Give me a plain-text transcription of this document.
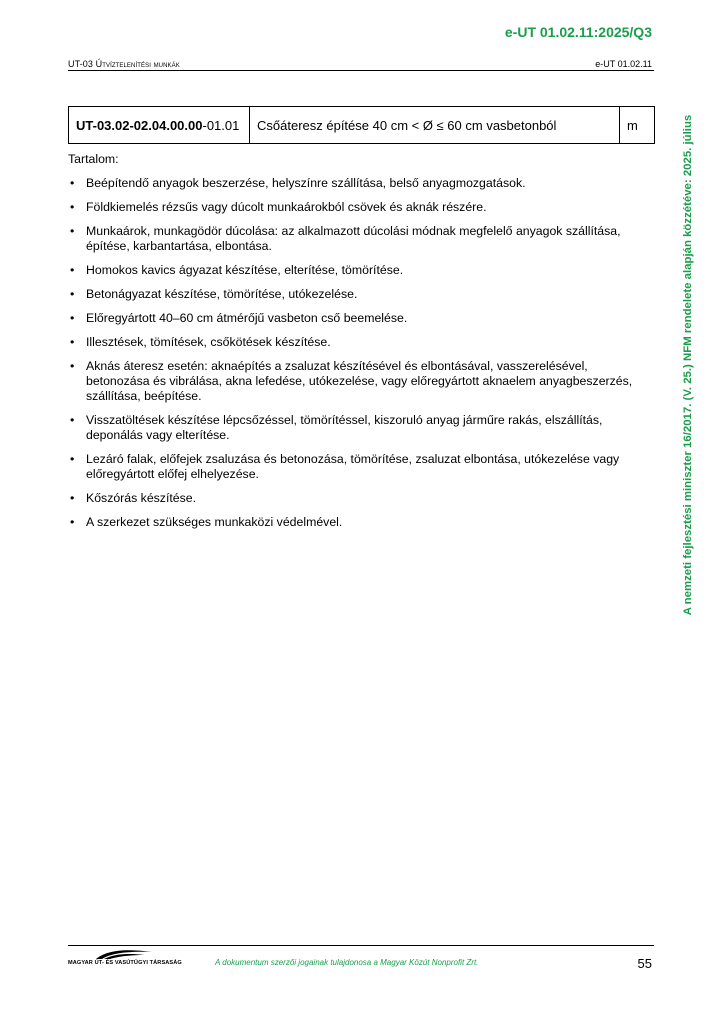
e-UT 01.02.11:2025/Q3
UT-03 Útvíztelenítési munkák	e-UT 01.02.11
UT-03.02-02.04.00.00-01.01	Csőáteresz építése 40 cm < Ø ≤ 60 cm vasbetonból	m

Tartalom:

• Beépítendő anyagok beszerzése, helyszínre szállítása, belső anyagmozgatások.
• Földkiemelés rézsűs vagy dúcolt munkaárokból csövek és aknák részére.
• Munkaárok, munkagödör dúcolása: az alkalmazott dúcolási módnak megfelelő anyagok szállítása, építése, karbantartása, elbontása.
• Homokos kavics ágyazat készítése, elterítése, tömörítése.
• Betonágyazat készítése, tömörítése, utókezelése.
• Előregyártott 40–60 cm átmérőjű vasbeton cső beemelése.
• Illesztések, tömítések, csőkötések készítése.
• Aknás áteresz esetén: aknaépítés a zsaluzat készítésével és elbontásával, vasszerelésével, betonozása és vibrálása, akna lefedése, utókezelése, vagy előregyártott aknaelem anyagbeszerzés, szállítása, beépítése.
• Visszatöltések készítése lépcsőzéssel, tömörítéssel, kiszoruló anyag járműre rakás, elszállítás, deponálás vagy elterítése.
• Lezáró falak, előfejek zsaluzása és betonozása, tömörítése, zsaluzat elbontása, utókezelése vagy előregyártott előfej elhelyezése.
• Kőszórás készítése.
• A szerkezet szükséges munkaközi védelmével.	A nemzeti fejlesztési miniszter 16/2017. (V. 25.) NFM rendelete alapján közzétéve: 2025. július
MAGYAR ÚT- ÉS VASÚTÜGYI TÁRSASÁG	A dokumentum szerzői jogainak tulajdonosa a Magyar Közút Nonprofit Zrt.	55
